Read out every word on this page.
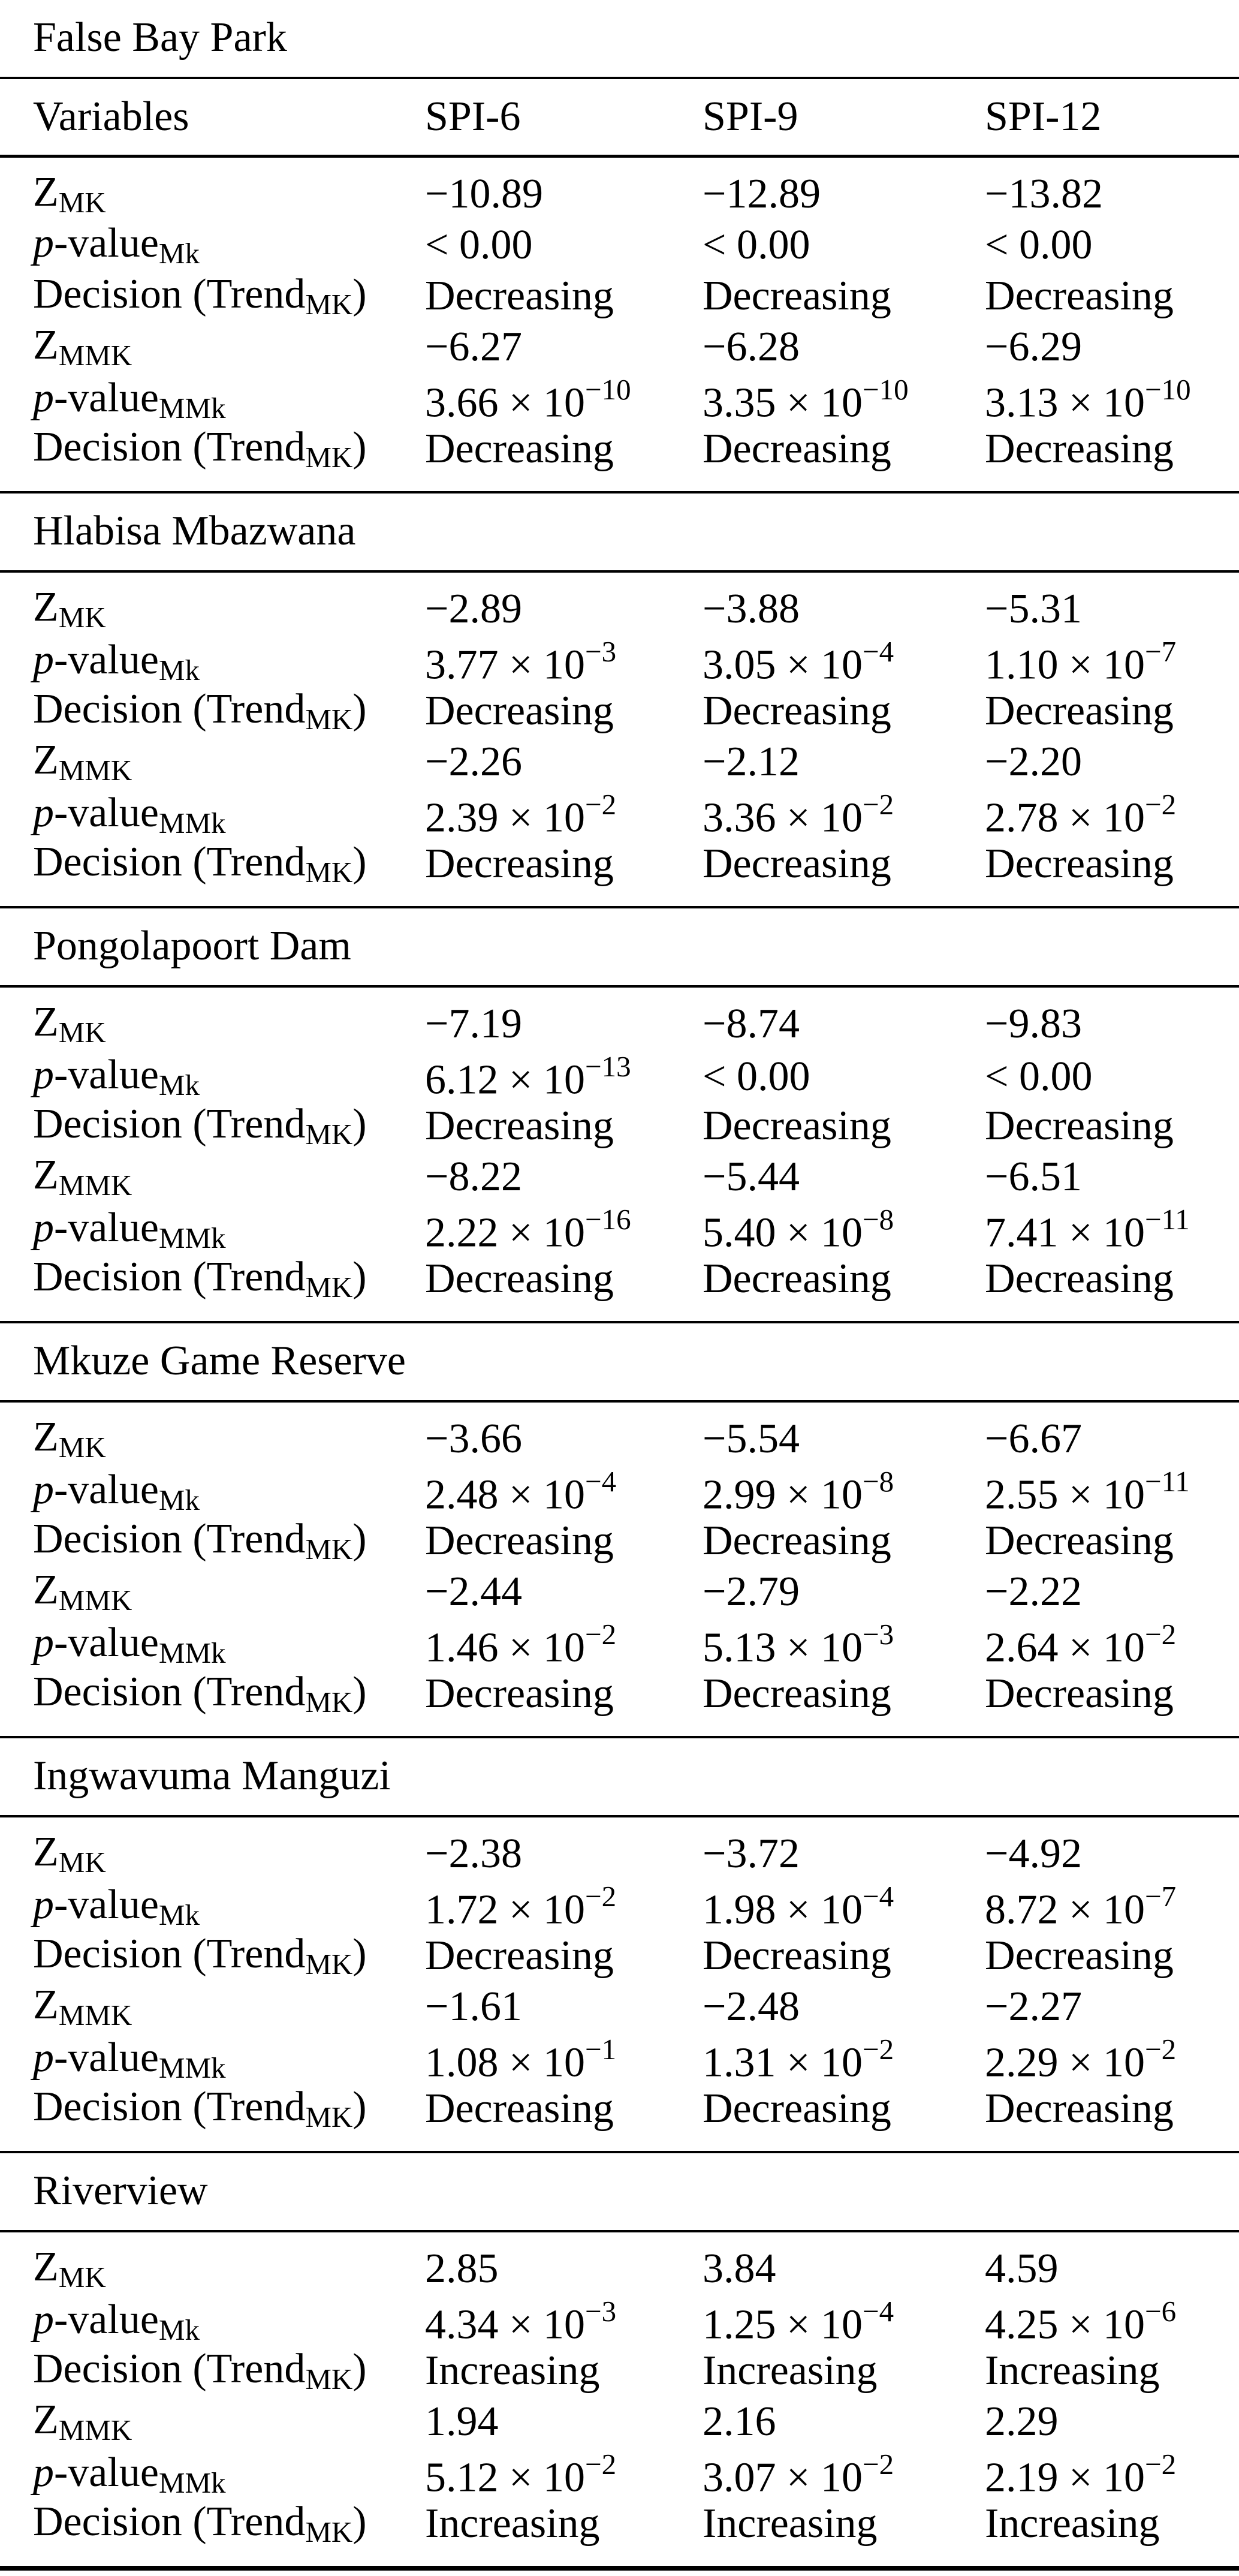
False Bay Park
Variables	SPI-6	SPI-9	SPI-12
$Z_{MK}$	−10.89	−12.89	−13.82
p-value$_{Mk}$	< 0.00	< 0.00	< 0.00
Decision (Trend$_{MK}$)	Decreasing	Decreasing	Decreasing
$Z_{MMK}$	−6.27	−6.28	−6.29
p-value$_{MMk}$	$3.66 \times 10^{-10}$	$3.35 \times 10^{-10}$	$3.13 \times 10^{-10}$
Decision (Trend$_{MK}$)	Decreasing	Decreasing	Decreasing
Hlabisa Mbazwana
$Z_{MK}$	−2.89	−3.88	−5.31
p-value$_{Mk}$	$3.77 \times 10^{-3}$	$3.05 \times 10^{-4}$	$1.10 \times 10^{-7}$
Decision (Trend$_{MK}$)	Decreasing	Decreasing	Decreasing
$Z_{MMK}$	−2.26	−2.12	−2.20
p-value$_{MMk}$	$2.39 \times 10^{-2}$	$3.36 \times 10^{-2}$	$2.78 \times 10^{-2}$
Decision (Trend$_{MK}$)	Decreasing	Decreasing	Decreasing
Pongolapoort Dam
$Z_{MK}$	−7.19	−8.74	−9.83
p-value$_{Mk}$	$6.12 \times 10^{-13}$	< 0.00	< 0.00
Decision (Trend$_{MK}$)	Decreasing	Decreasing	Decreasing
$Z_{MMK}$	−8.22	−5.44	−6.51
p-value$_{MMk}$	$2.22 \times 10^{-16}$	$5.40 \times 10^{-8}$	$7.41 \times 10^{-11}$
Decision (Trend$_{MK}$)	Decreasing	Decreasing	Decreasing
Mkuze Game Reserve
$Z_{MK}$	−3.66	−5.54	−6.67
p-value$_{Mk}$	$2.48 \times 10^{-4}$	$2.99 \times 10^{-8}$	$2.55 \times 10^{-11}$
Decision (Trend$_{MK}$)	Decreasing	Decreasing	Decreasing
$Z_{MMK}$	−2.44	−2.79	−2.22
p-value$_{MMk}$	$1.46 \times 10^{-2}$	$5.13 \times 10^{-3}$	$2.64 \times 10^{-2}$
Decision (Trend$_{MK}$)	Decreasing	Decreasing	Decreasing
Ingwavuma Manguzi
$Z_{MK}$	−2.38	−3.72	−4.92
p-value$_{Mk}$	$1.72 \times 10^{-2}$	$1.98 \times 10^{-4}$	$8.72 \times 10^{-7}$
Decision (Trend$_{MK}$)	Decreasing	Decreasing	Decreasing
$Z_{MMK}$	−1.61	−2.48	−2.27
p-value$_{MMk}$	$1.08 \times 10^{-1}$	$1.31 \times 10^{-2}$	$2.29 \times 10^{-2}$
Decision (Trend$_{MK}$)	Decreasing	Decreasing	Decreasing
Riverview
$Z_{MK}$	2.85	3.84	4.59
p-value$_{Mk}$	$4.34 \times 10^{-3}$	$1.25 \times 10^{-4}$	$4.25 \times 10^{-6}$
Decision (Trend$_{MK}$)	Increasing	Increasing	Increasing
$Z_{MMK}$	1.94	2.16	2.29
p-value$_{MMk}$	$5.12 \times 10^{-2}$	$3.07 \times 10^{-2}$	$2.19 \times 10^{-2}$
Decision (Trend$_{MK}$)	Increasing	Increasing	Increasing
